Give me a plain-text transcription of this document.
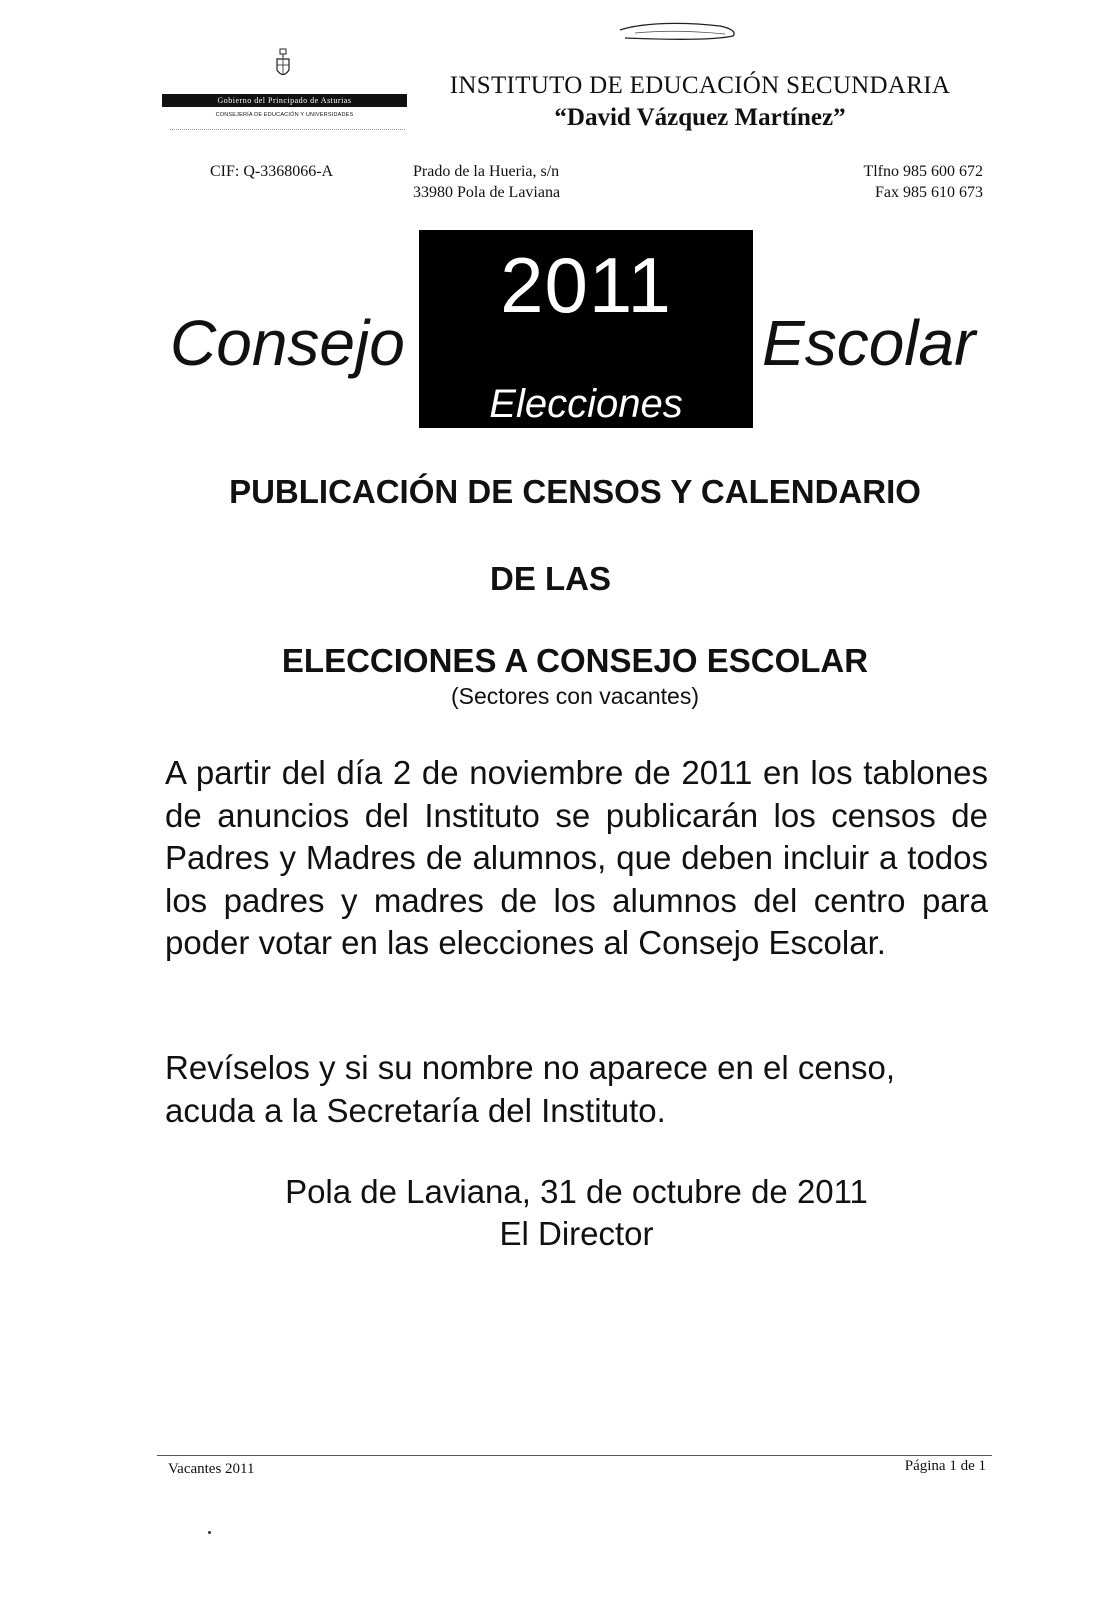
Gobierno del Principado de Asturias
CONSEJERÍA DE EDUCACIÓN Y UNIVERSIDADES
INSTITUTO DE EDUCACIÓN SECUNDARIA
“David Vázquez Martínez”
CIF: Q-3368066-A	Prado de la Hueria, s/n
33980 Pola de Laviana
Tlfno 985 600 672
Fax 985 610 673
2011
Elecciones
Consejo	Escolar
PUBLICACIÓN DE CENSOS Y CALENDARIO
DE LAS
ELECCIONES A CONSEJO ESCOLAR
(Sectores con vacantes)
A partir del día 2 de noviembre de 2011 en los tablones de anuncios del Instituto se publicarán los censos de Padres y Madres de alumnos, que deben incluir a todos los padres y madres de los alumnos del centro para poder votar en las elecciones al Consejo Escolar.
Revíselos y si su nombre no aparece en el censo, acuda a la Secretaría del Instituto.
Pola de Laviana, 31 de octubre de 2011
El Director
Vacantes 2011	Página 1 de 1
